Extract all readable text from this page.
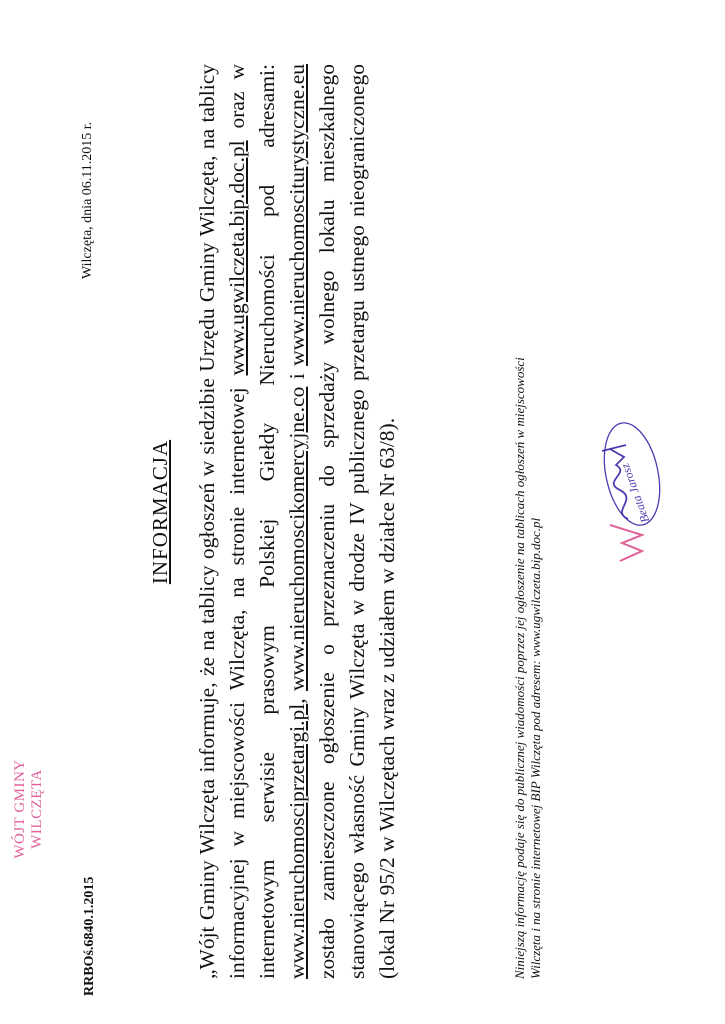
WÓJT GMINY WILCZĘTA
RRBOś.6840.1.2015
Wilczęta, dnia 06.11.2015 r.
INFORMACJA „Wójt Gminy Wilczęta informuje, że na tablicy ogłoszeń w siedzibie Urzędu Gminy Wilczęta, na tablicy informacyjnej w miejscowości Wilczęta, na stronie internetowej www.ugwilczeta.bip.doc.pl oraz w internetowym serwisie prasowym Polskiej Giełdy Nieruchomości pod adresami: www.nieruchomosciprzetargi.pl, www.nieruchomoscikomercyjne.co i www.nieruchomosciturystyczne.eu zostało zamieszczone ogłoszenie o przeznaczeniu do sprzedaży wolnego lokalu mieszkalnego stanowiącego własność Gminy Wilczęta w drodze IV publicznego przetargu ustnego nieograniczonego (lokal Nr 95/2 w Wilczętach wraz z udziałem w działce Nr 63/8).	Niniejszą informację podaje się do publicznej wiadomości poprzez jej ogłoszenie na tablicach ogłoszeń w miejscowości Wilczęta i na stronie internetowej BIP Wilczęta pod adresem: www.ugwilczeta.bip.doc.pl
Beata Jarosz
